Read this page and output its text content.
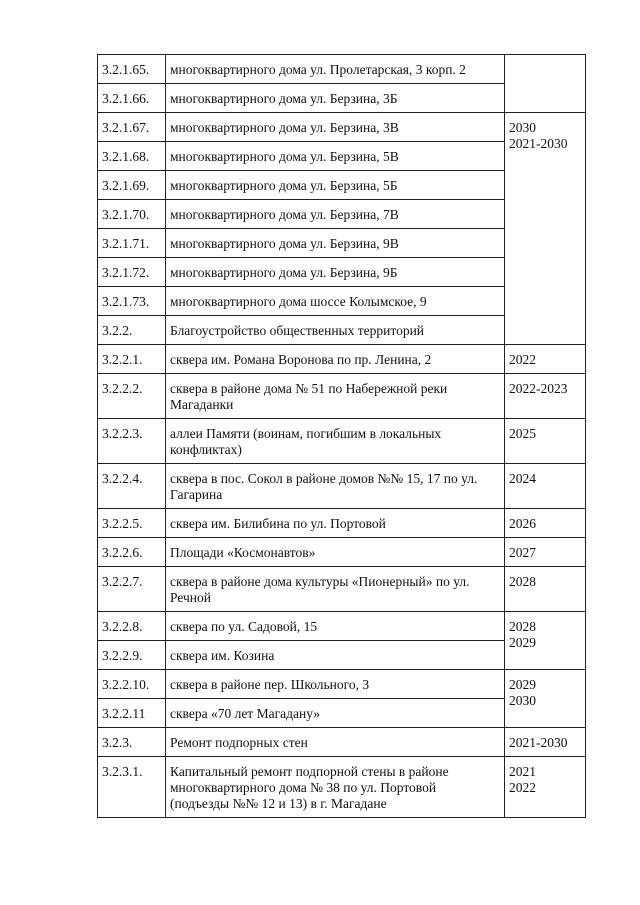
3.2.1.65.	многоквартирного дома ул. Пролетарская, 3 корп. 2	
3.2.1.66.	многоквартирного дома ул. Берзина, 3Б	
3.2.1.67.	многоквартирного дома ул. Берзина, 3В	2030
2021-2030

3.2.1.68.	многоквартирного дома ул. Берзина, 5В	
3.2.1.69.	многоквартирного дома ул. Берзина, 5Б	
3.2.1.70.	многоквартирного дома ул. Берзина, 7В	
3.2.1.71.	многоквартирного дома ул. Берзина, 9В	
3.2.1.72.	многоквартирного дома ул. Берзина, 9Б	
3.2.1.73.	многоквартирного дома шоссе Колымское, 9	
3.2.2.	Благоустройство общественных территорий	
3.2.2.1.	сквера им. Романа Воронова по пр. Ленина, 2	2022
3.2.2.2.	сквера в районе дома № 51 по Набережной реки
Магаданки	2022-2023
3.2.2.3.	аллеи Памяти (воинам, погибшим в локальных
конфликтах)	2025
3.2.2.4.	сквера в пос. Сокол в районе домов №№ 15, 17 по ул.
Гагарина	2024
3.2.2.5.	сквера им. Билибина по ул. Портовой	2026
3.2.2.6.	Площади «Космонавтов»	2027
3.2.2.7.	сквера в районе дома культуры «Пионерный» по ул.
Речной	2028
3.2.2.8.	сквера по ул. Садовой, 15	2028
2029

3.2.2.9.	сквера им. Козина	
3.2.2.10.	сквера в районе пер. Школьного, 3	2029
2030

3.2.2.11	сквера «70 лет Магадану»	
3.2.3.	Ремонт подпорных стен	2021-2030
3.2.3.1.	Капитальный ремонт подпорной стены в районе
многоквартирного дома № 38 по ул. Портовой
(подъезды №№ 12 и 13) в г. Магадане	2021
2022
